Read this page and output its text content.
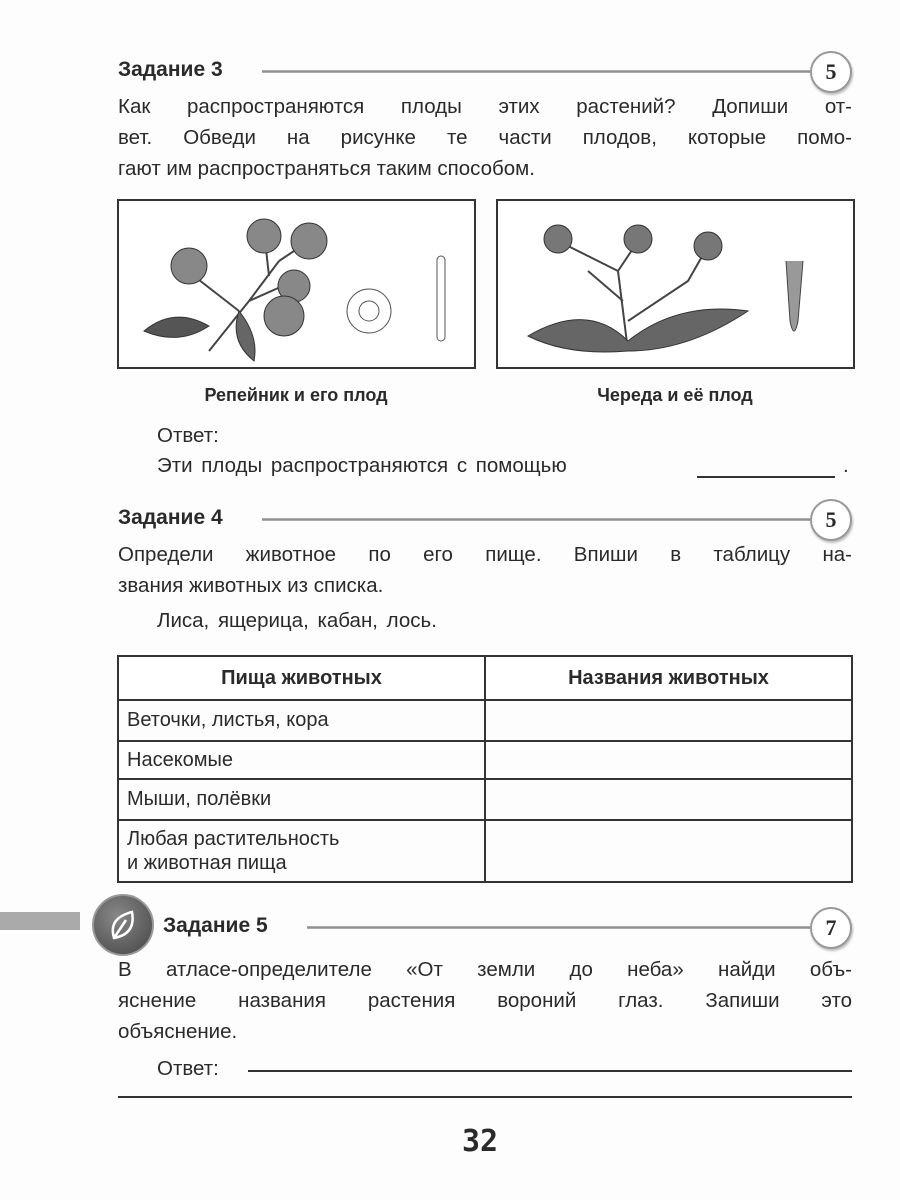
Задание 3	5
Как распространяются плоды этих растений? Допиши от-
вет. Обведи на рисунке те части плодов, которые помо-
гают им распространяться таким способом.
Репейник и его плод	Череда и её плод
Ответ:
Эти плоды распространяются с помощью	.
Задание 4	5
Определи животное по его пище. Впиши в таблицу на-
звания животных из списка.
Лиса, ящерица, кабан, лось.
Пища животных	Названия животных
Веточки, листья, кора	
Насекомые	
Мыши, полёвки	
Любая растительность
и животная пища	
Задание 5	7
В атласе-определителе «От земли до неба» найди объ-
яснение названия растения вороний глаз. Запиши это
объяснение.
Ответ:
32
